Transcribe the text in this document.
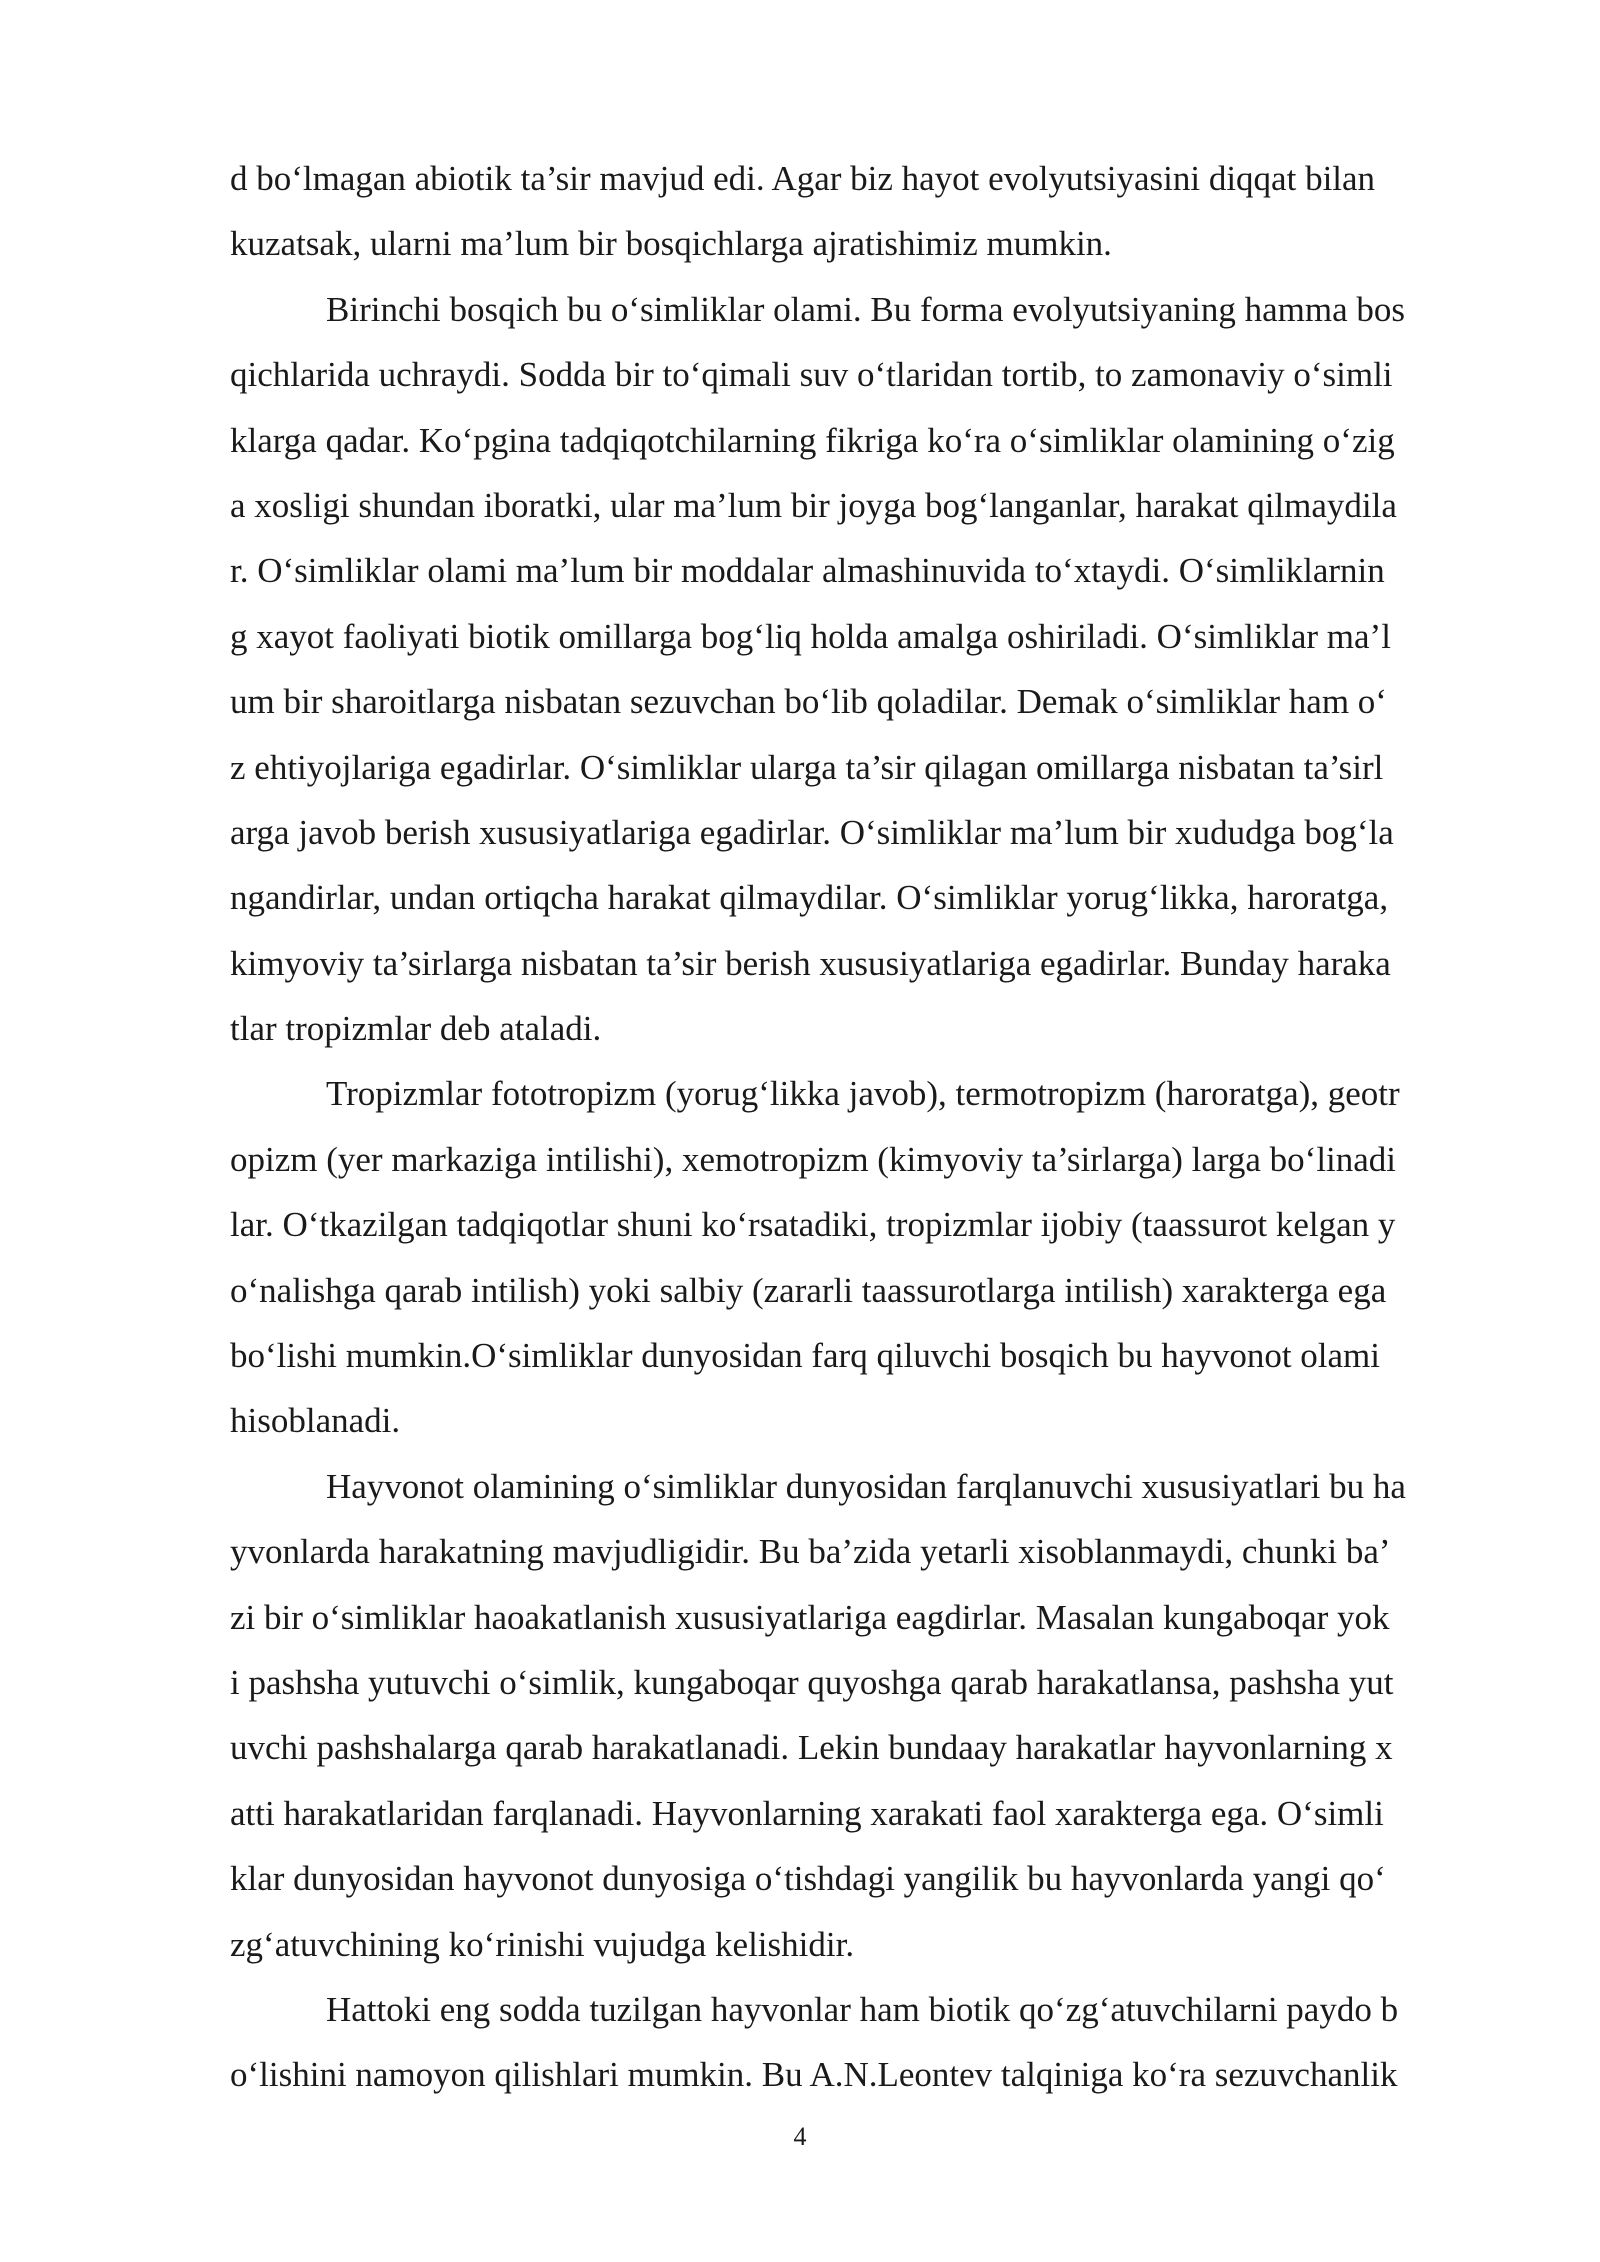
d bo‘lmagan abiotik ta’sir mavjud edi. Agar biz hayot evolyutsiyasini diqqat bilan
kuzatsak, ularni ma’lum bir bosqichlarga ajratishimiz mumkin.
Birinchi bosqich bu o‘simliklar olami. Bu forma evolyutsiyaning hamma bos
qichlarida uchraydi. Sodda bir to‘qimali suv o‘tlaridan tortib, to zamonaviy o‘simli
klarga qadar. Ko‘pgina tadqiqotchilarning fikriga ko‘ra o‘simliklar olamining o‘zig
a xosligi shundan iboratki, ular ma’lum bir joyga bog‘langanlar, harakat qilmaydila
r. O‘simliklar olami ma’lum bir moddalar almashinuvida to‘xtaydi. O‘simliklarnin
g xayot faoliyati biotik omillarga bog‘liq holda amalga oshiriladi. O‘simliklar ma’l
um bir sharoitlarga nisbatan sezuvchan bo‘lib qoladilar. Demak o‘simliklar ham o‘
z ehtiyojlariga egadirlar. O‘simliklar ularga ta’sir qilagan omillarga nisbatan ta’sirl
arga javob berish xususiyatlariga egadirlar. O‘simliklar ma’lum bir xududga bog‘la
ngandirlar, undan ortiqcha harakat qilmaydilar. O‘simliklar yorug‘likka, haroratga,
kimyoviy ta’sirlarga nisbatan ta’sir berish xususiyatlariga egadirlar. Bunday haraka
tlar tropizmlar deb ataladi.
Tropizmlar fototropizm (yorug‘likka javob), termotropizm (haroratga), geotr
opizm (yer markaziga intilishi), xemotropizm (kimyoviy ta’sirlarga) larga bo‘linadi
lar. O‘tkazilgan tadqiqotlar shuni ko‘rsatadiki, tropizmlar ijobiy (taassurot kelgan y
o‘nalishga qarab intilish) yoki salbiy (zararli taassurotlarga intilish) xarakterga ega
bo‘lishi mumkin.O‘simliklar dunyosidan farq qiluvchi bosqich bu hayvonot olami
hisoblanadi.
Hayvonot olamining o‘simliklar dunyosidan farqlanuvchi xususiyatlari bu ha
yvonlarda harakatning mavjudligidir. Bu ba’zida yetarli xisoblanmaydi, chunki ba’
zi bir o‘simliklar haoakatlanish xususiyatlariga eagdirlar. Masalan kungaboqar yok
i pashsha yutuvchi o‘simlik, kungaboqar quyoshga qarab harakatlansa, pashsha yut
uvchi pashshalarga qarab harakatlanadi. Lekin bundaay harakatlar hayvonlarning x
atti harakatlaridan farqlanadi. Hayvonlarning xarakati faol xarakterga ega. O‘simli
klar dunyosidan hayvonot dunyosiga o‘tishdagi yangilik bu hayvonlarda yangi qo‘
zg‘atuvchining ko‘rinishi vujudga kelishidir.
Hattoki eng sodda tuzilgan hayvonlar ham biotik qo‘zg‘atuvchilarni paydo b
o‘lishini namoyon qilishlari mumkin. Bu A.N.Leontev talqiniga ko‘ra sezuvchanlik
4
